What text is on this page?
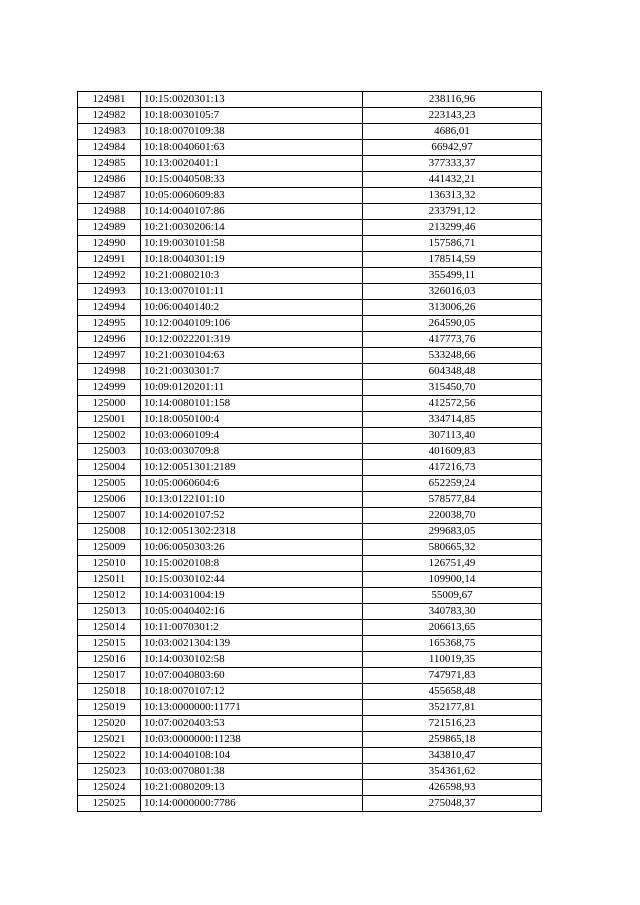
124981	10:15:0020301:13	238116,96
124982	10:18:0030105:7	223143,23
124983	10:18:0070109:38	4686,01
124984	10:18:0040601:63	66942,97
124985	10:13:0020401:1	377333,37
124986	10:15:0040508:33	441432,21
124987	10:05:0060609:83	136313,32
124988	10:14:0040107:86	233791,12
124989	10:21:0030206:14	213299,46
124990	10:19:0030101:58	157586,71
124991	10:18:0040301:19	178514,59
124992	10:21:0080210:3	355499,11
124993	10:13:0070101:11	326016,03
124994	10:06:0040140:2	313006,26
124995	10:12:0040109:106	264590,05
124996	10:12:0022201:319	417773,76
124997	10:21:0030104:63	533248,66
124998	10:21:0030301:7	604348,48
124999	10:09:0120201:11	315450,70
125000	10:14:0080101:158	412572,56
125001	10:18:0050100:4	334714,85
125002	10:03:0060109:4	307113,40
125003	10:03:0030709:8	401609,83
125004	10:12:0051301:2189	417216,73
125005	10:05:0060604:6	652259,24
125006	10:13:0122101:10	578577,84
125007	10:14:0020107:52	220038,70
125008	10:12:0051302:2318	299683,05
125009	10:06:0050303:26	580665,32
125010	10:15:0020108:8	126751,49
125011	10:15:0030102:44	109900,14
125012	10:14:0031004:19	55009,67
125013	10:05:0040402:16	340783,30
125014	10:11:0070301:2	206613,65
125015	10:03:0021304:139	165368,75
125016	10:14:0030102:58	110019,35
125017	10:07:0040803:60	747971,83
125018	10:18:0070107:12	455658,48
125019	10:13:0000000:11771	352177,81
125020	10:07:0020403:53	721516,23
125021	10:03:0000000:11238	259865,18
125022	10:14:0040108:104	343810,47
125023	10:03:0070801:38	354361,62
125024	10:21:0080209:13	426598,93
125025	10:14:0000000:7786	275048,37
